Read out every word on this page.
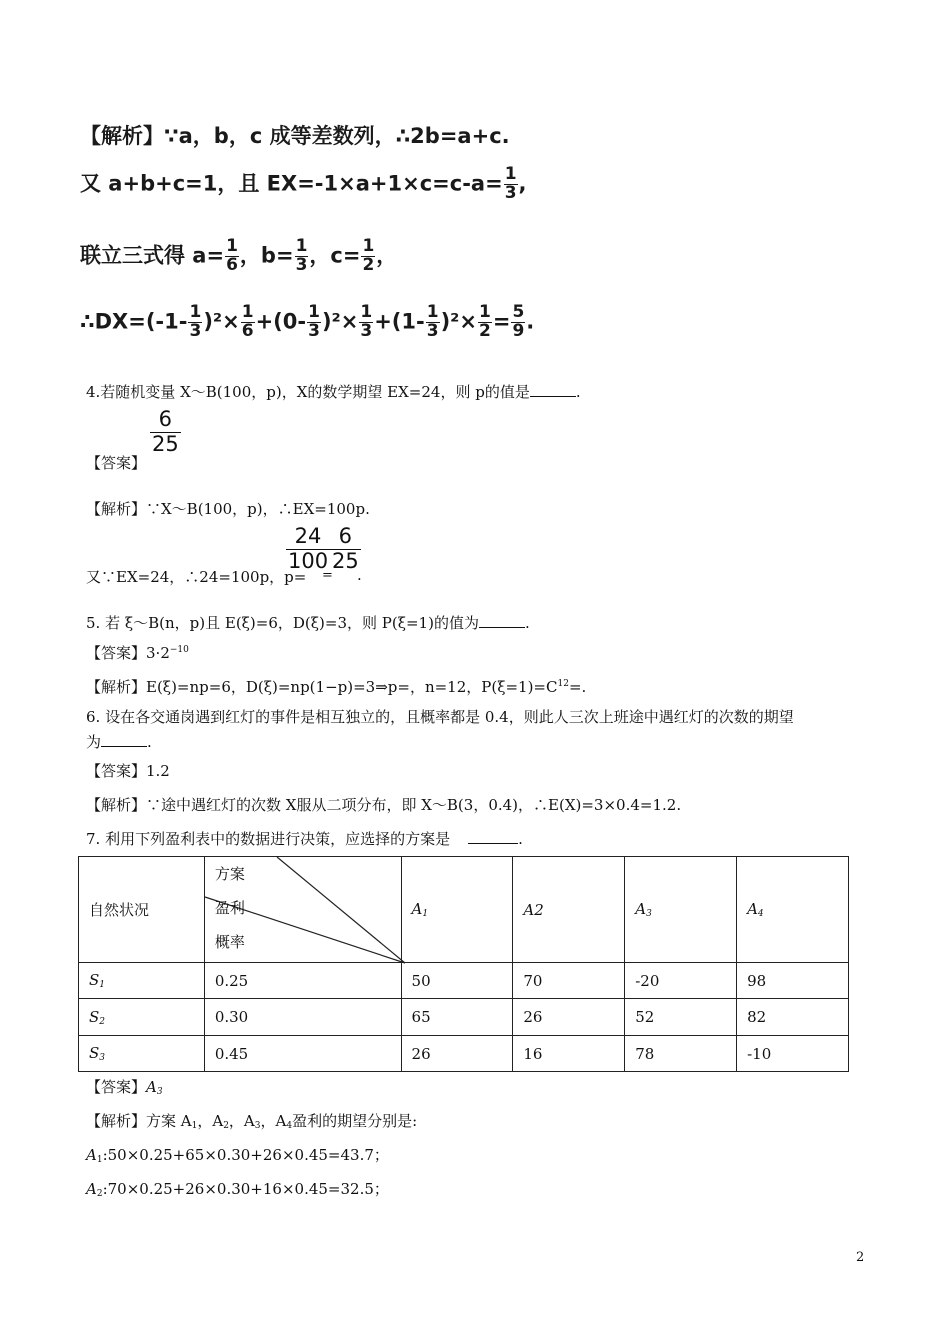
【解析】∵a，b，c 成等差数列，∴2b=a+c.
又 a+b+c=1，且 $EX=-1\times a+1\times c=c-a= \frac{1}{3}$ ,
联立三式得 $a= \frac{1}{6}$ ，$b= \frac{1}{3}$ ，$c= \frac{1}{2}$ ，
∴DX=(-1- $\frac{1}{3} )^2\times \frac{1}{6} +(0- \frac{1}{3} )^2\times \frac{1}{3} +(1- \frac{1}{3} )^2\times \frac{1}{2} = \frac{5}{9}$ .
4.若随机变量 X～B(100，p)，X的数学期望 EX=24，则 p的值是	.
$\frac{6}{25}$
【答案】
【解析】∵X～B(100，p)，∴EX=100p.
又∵EX=24，∴24=100p，p=
$\frac{24}{100}$
=
$\frac{6}{25}$
.
5. 若 ξ～B(n，p)且 E(ξ)=6，D(ξ)=3，则 P(ξ=1)的值为	.
【答案】$3\cdot 2^{-10}$
【解析】E(ξ)=np=6，D(ξ)=np(1−p)=3⇒p=，n=12，$P(\xi=1)=C^{12}=$.
6. 设在各交通岗遇到红灯的事件是相互独立的，且概率都是 0.4，则此人三次上班途中遇红灯的次数的期望
为	.
【答案】1.2
【解析】∵途中遇红灯的次数 X服从二项分布，即 X～B(3，0.4)，∴E(X)=3×0.4=1.2.
7. 利用下列盈利表中的数据进行决策，应选择的方案是	.
自然状况	方案
盈利
概率	$A_1$	A2	$A_3$	$A_4$
$S_1$	0.25	50	70	-20	98
$S_2$	0.30	65	26	52	82
$S_3$	0.45	26	16	78	-10
【答案】$A_3$
【解析】方案 $A_1$，$A_2$，$A_3$，$A_4$盈利的期望分别是:
$A_1:50\times 0.25+65\times 0.30+26\times 0.45=43.7$；
$A_2:70\times 0.25+26\times 0.30+16\times 0.45=32.5$；
2
